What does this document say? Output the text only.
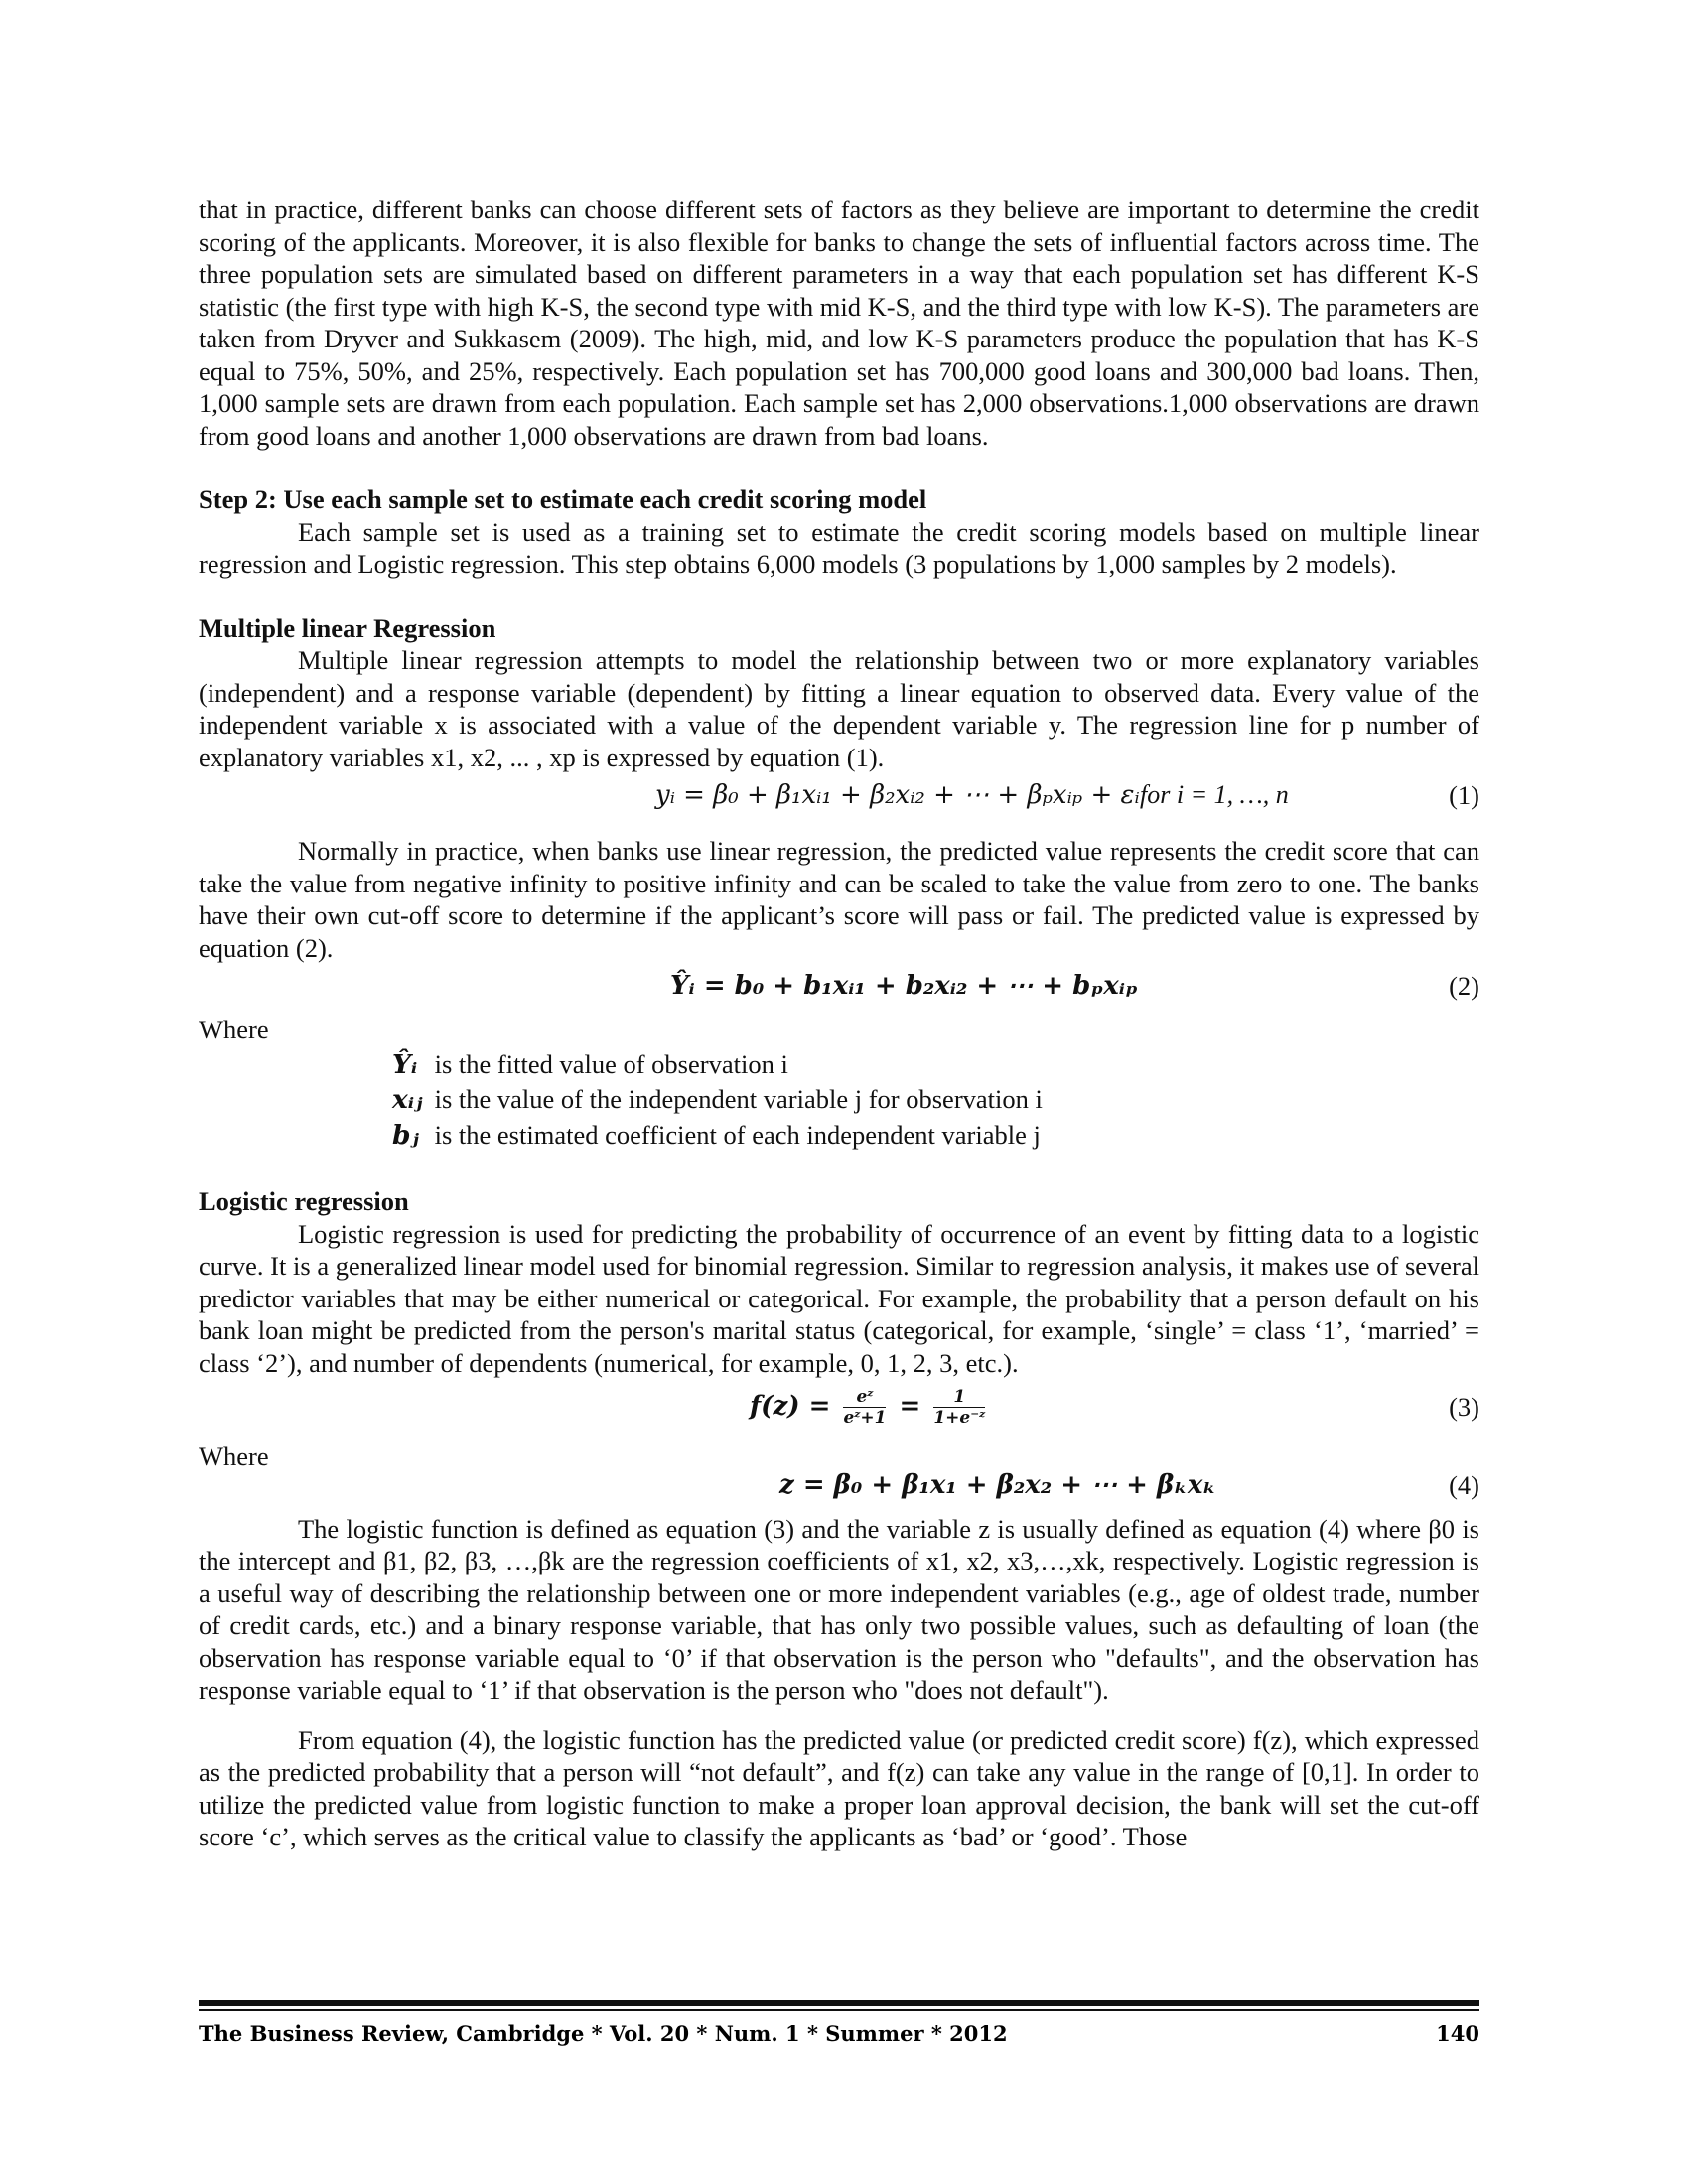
that in practice, different banks can choose different sets of factors as they believe are important to determine the credit scoring of the applicants. Moreover, it is also flexible for banks to change the sets of influential factors across time. The three population sets are simulated based on different parameters in a way that each population set has different K-S statistic (the first type with high K-S, the second type with mid K-S, and the third type with low K-S). The parameters are taken from Dryver and Sukkasem (2009). The high, mid, and low K-S parameters produce the population that has K-S equal to 75%, 50%, and 25%, respectively. Each population set has 700,000 good loans and 300,000 bad loans. Then, 1,000 sample sets are drawn from each population. Each sample set has 2,000 observations.1,000 observations are drawn from good loans and another 1,000 observations are drawn from bad loans.

Step 2: Use each sample set to estimate each credit scoring model

Each sample set is used as a training set to estimate the credit scoring models based on multiple linear regression and Logistic regression. This step obtains 6,000 models (3 populations by 1,000 samples by 2 models).

Multiple linear Regression

Multiple linear regression attempts to model the relationship between two or more explanatory variables (independent) and a response variable (dependent) by fitting a linear equation to observed data. Every value of the independent variable x is associated with a value of the dependent variable y. The regression line for p number of explanatory variables x1, x2, ... , xp is expressed by equation (1).

yᵢ = β₀ + β₁xᵢ₁ + β₂xᵢ₂ + ⋯ + βₚxᵢₚ + εᵢ for i = 1, …, n	(1)

Normally in practice, when banks use linear regression, the predicted value represents the credit score that can take the value from negative infinity to positive infinity and can be scaled to take the value from zero to one. The banks have their own cut-off score to determine if the applicant’s score will pass or fail. The predicted value is expressed by equation (2).

Ŷᵢ = b₀ + b₁xᵢ₁ + b₂xᵢ₂ + ⋯ + bₚxᵢₚ	(2)

Where

Ŷᵢ is the fitted value of observation i
xᵢⱼ is the value of the independent variable j for observation i
bⱼ is the estimated coefficient of each independent variable j

Logistic regression

Logistic regression is used for predicting the probability of occurrence of an event by fitting data to a logistic curve. It is a generalized linear model used for binomial regression. Similar to regression analysis, it makes use of several predictor variables that may be either numerical or categorical. For example, the probability that a person default on his bank loan might be predicted from the person's marital status (categorical, for example, ‘single’ = class ‘1’, ‘married’ = class ‘2’), and number of dependents (numerical, for example, 0, 1, 2, 3, etc.).

$f(z) = \frac{\text{eᶻ}}{\text{eᶻ+1}} = \frac{1}{\text{1+e⁻ᶻ}}$	(3)

Where

z = β₀ + β₁x₁ + β₂x₂ + ⋯ + βₖxₖ	(4)

The logistic function is defined as equation (3) and the variable z is usually defined as equation (4) where β0 is the intercept and β1, β2, β3, …,βk are the regression coefficients of x1, x2, x3,…,xk, respectively. Logistic regression is a useful way of describing the relationship between one or more independent variables (e.g., age of oldest trade, number of credit cards, etc.) and a binary response variable, that has only two possible values, such as defaulting of loan (the observation has response variable equal to ‘0’ if that observation is the person who "defaults", and the observation has response variable equal to ‘1’ if that observation is the person who "does not default").

From equation (4), the logistic function has the predicted value (or predicted credit score) f(z), which expressed as the predicted probability that a person will “not default”, and f(z) can take any value in the range of [0,1]. In order to utilize the predicted value from logistic function to make a proper loan approval decision, the bank will set the cut-off score ‘c’, which serves as the critical value to classify the applicants as ‘bad’ or ‘good’. Those

The Business Review, Cambridge * Vol. 20 * Num. 1 * Summer * 2012	140
